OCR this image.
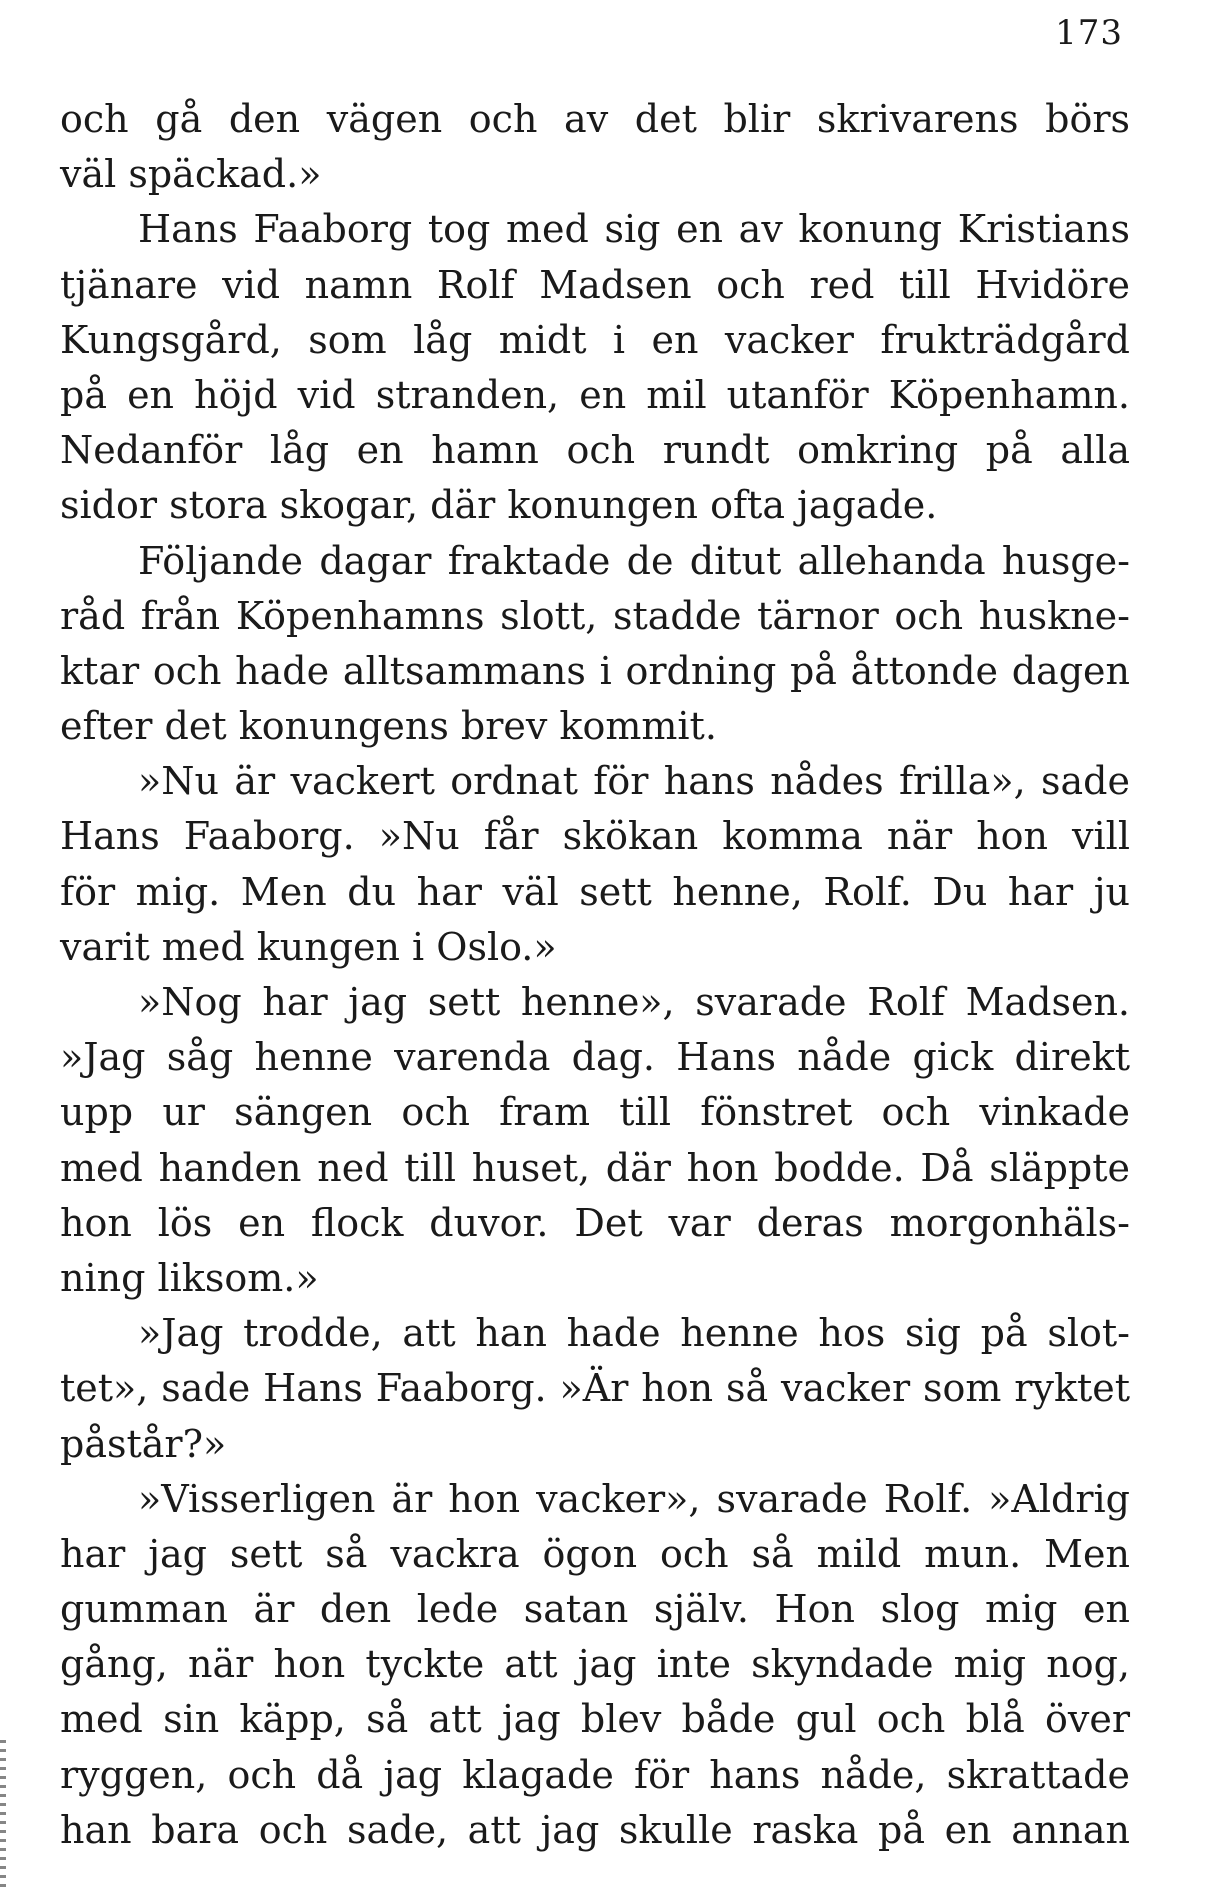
173
och gå den vägen och av det blir skrivarens börs
väl späckad.»
Hans Faaborg tog med sig en av konung Kristians
tjänare vid namn Rolf Madsen och red till Hvidöre
Kungsgård, som låg midt i en vacker frukträdgård
på en höjd vid stranden, en mil utanför Köpenhamn.
Nedanför låg en hamn och rundt omkring på alla
sidor stora skogar, där konungen ofta jagade.
Följande dagar fraktade de ditut allehanda husge-
råd från Köpenhamns slott, stadde tärnor och huskne-
ktar och hade alltsammans i ordning på åttonde dagen
efter det konungens brev kommit.
»Nu är vackert ordnat för hans nådes frilla», sade
Hans Faaborg. »Nu får skökan komma när hon vill
för mig. Men du har väl sett henne, Rolf. Du har ju
varit med kungen i Oslo.»
»Nog har jag sett henne», svarade Rolf Madsen.
»Jag såg henne varenda dag. Hans nåde gick direkt
upp ur sängen och fram till fönstret och vinkade
med handen ned till huset, där hon bodde. Då släppte
hon lös en flock duvor. Det var deras morgonhäls-
ning liksom.»
»Jag trodde, att han hade henne hos sig på slot-
tet», sade Hans Faaborg. »Är hon så vacker som ryktet
påstår?»
»Visserligen är hon vacker», svarade Rolf. »Aldrig
har jag sett så vackra ögon och så mild mun. Men
gumman är den lede satan själv. Hon slog mig en
gång, när hon tyckte att jag inte skyndade mig nog,
med sin käpp, så att jag blev både gul och blå över
ryggen, och då jag klagade för hans nåde, skrattade
han bara och sade, att jag skulle raska på en annan
